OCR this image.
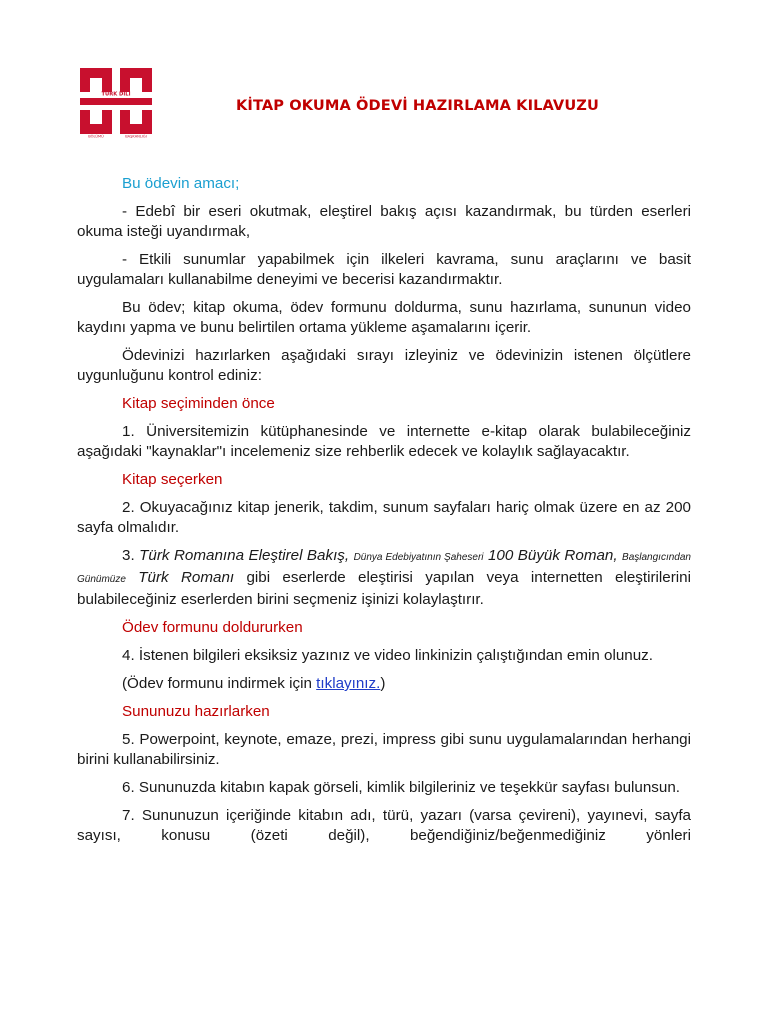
TÜRK DİLİ
BÖLÜMÜ	BAŞKANLIĞI
KİTAP OKUMA ÖDEVİ HAZIRLAMA KILAVUZU

Bu ödevin amacı;

- Edebî bir eseri okutmak, eleştirel bakış açısı kazandırmak, bu türden eserleri okuma isteği uyandırmak,

- Etkili sunumlar yapabilmek için ilkeleri kavrama, sunu araçlarını ve basit uygulamaları kullanabilme deneyimi ve becerisi kazandırmaktır.

Bu ödev; kitap okuma, ödev formunu doldurma, sunu hazırlama, sununun video kaydını yapma ve bunu belirtilen ortama yükleme aşamalarını içerir.

Ödevinizi hazırlarken aşağıdaki sırayı izleyiniz ve ödevinizin istenen ölçütlere uygunluğunu kontrol ediniz:

Kitap seçiminden önce

1. Üniversitemizin kütüphanesinde ve internette e-kitap olarak bulabileceğiniz aşağıdaki "kaynaklar"ı incelemeniz size rehberlik edecek ve kolaylık sağlayacaktır.

Kitap seçerken

2. Okuyacağınız kitap jenerik, takdim, sunum sayfaları hariç olmak üzere en az 200 sayfa olmalıdır.

3. Türk Romanına Eleştirel Bakış, Dünya Edebiyatının Şaheseri 100 Büyük Roman, Başlangıcından Günümüze Türk Romanı gibi eserlerde eleştirisi yapılan veya internetten eleştirilerini bulabileceğiniz eserlerden birini seçmeniz işinizi kolaylaştırır.

Ödev formunu doldururken

4. İstenen bilgileri eksiksiz yazınız ve video linkinizin çalıştığından emin olunuz.

(Ödev formunu indirmek için tıklayınız.)

Sununuzu hazırlarken

5. Powerpoint, keynote, emaze, prezi, impress gibi sunu uygulamalarından herhangi birini kullanabilirsiniz.

6. Sununuzda kitabın kapak görseli, kimlik bilgileriniz ve teşekkür sayfası bulunsun.

7. Sununuzun içeriğinde kitabın adı, türü, yazarı (varsa çevireni), yayınevi, sayfa sayısı, konusu (özeti değil), beğendiğiniz/beğenmediğiniz yönleri
